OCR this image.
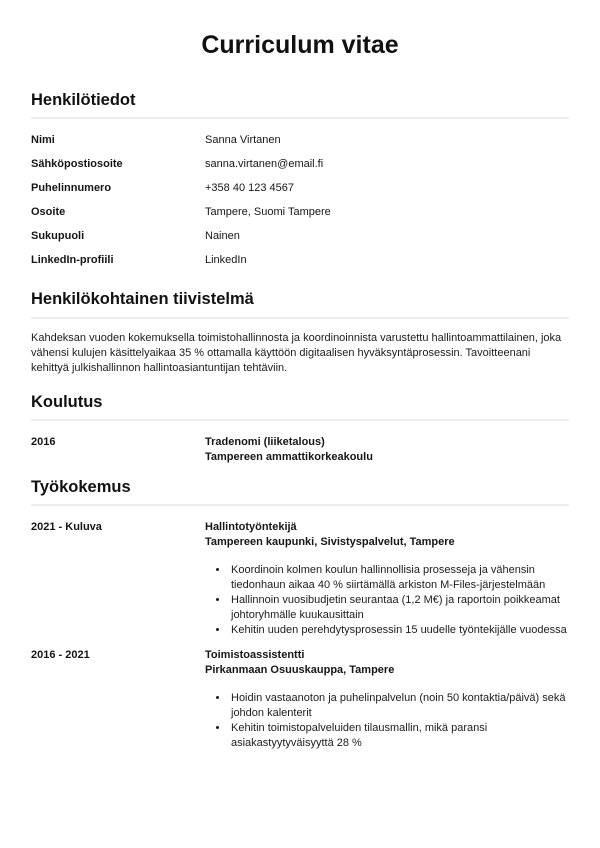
Curriculum vitae
Henkilötiedot
Nimi	Sanna Virtanen
Sähköpostiosoite	sanna.virtanen@email.fi
Puhelinnumero	+358 40 123 4567
Osoite	Tampere, Suomi Tampere
Sukupuoli	Nainen
LinkedIn-profiili	LinkedIn
Henkilökohtainen tiivistelmä

Kahdeksan vuoden kokemuksella toimistohallinnosta ja koordinoinnista varustettu hallintoammattilainen, joka vähensi kulujen käsittelyaikaa 35 % ottamalla käyttöön digitaalisen hyväksyntäprosessin. Tavoitteenani kehittyä julkishallinnon hallintoasiantuntijan tehtäviin.

Koulutus
2016	Tradenomi (liiketalous)
Tampereen ammattikorkeakoulu
Työkokemus
2021 - Kuluva	Hallintotyöntekijä
Tampereen kaupunki, Sivistyspalvelut, Tampere
• Koordinoin kolmen koulun hallinnollisia prosesseja ja vähensin tiedonhaun aikaa 40 % siirtämällä arkiston M-Files-järjestelmään
• Hallinnoin vuosibudjetin seurantaa (1,2 M€) ja raportoin poikkeamat johtoryhmälle kuukausittain
• Kehitin uuden perehdytysprosessin 15 uudelle työntekijälle vuodessa
2016 - 2021	Toimistoassistentti
Pirkanmaan Osuuskauppa, Tampere
• Hoidin vastaanoton ja puhelinpalvelun (noin 50 kontaktia/päivä) sekä johdon kalenterit
• Kehitin toimistopalveluiden tilausmallin, mikä paransi asiakastyytyväisyyttä 28 %
